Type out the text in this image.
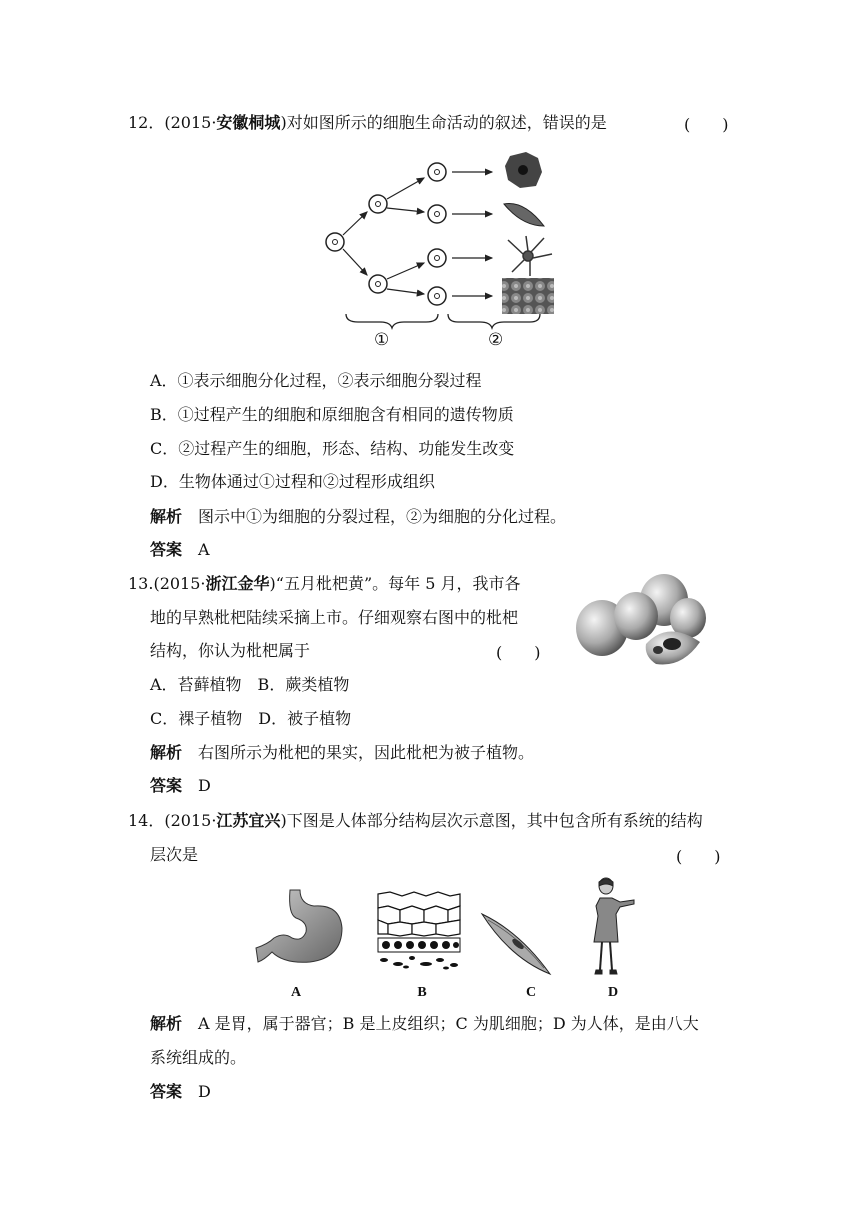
12．(2015·安徽桐城)对如图所示的细胞生命活动的叙述，错误的是	(　　)
①	②
A．①表示细胞分化过程，②表示细胞分裂过程
B．①过程产生的细胞和原细胞含有相同的遗传物质
C．②过程产生的细胞，形态、结构、功能发生改变
D．生物体通过①过程和②过程形成组织
解析　 图示中①为细胞的分裂过程，②为细胞的分化过程。
答案　 A
13.(2015·浙江金华)“五月枇杷黄”。每年 5 月，我市各
地的早熟枇杷陆续采摘上市。仔细观察右图中的枇杷
结构，你认为枇杷属于	(　　)
A．苔藓植物　B．蕨类植物
C．裸子植物　D．被子植物
解析　 右图所示为枇杷的果实，因此枇杷为被子植物。
答案　 D
14．(2015·江苏宜兴)下图是人体部分结构层次示意图，其中包含所有系统的结构
层次是	(　　)
A	B	C	D
解析　 A 是胃，属于器官；B 是上皮组织；C 为肌细胞；D 为人体，是由八大
系统组成的。
答案　 D
